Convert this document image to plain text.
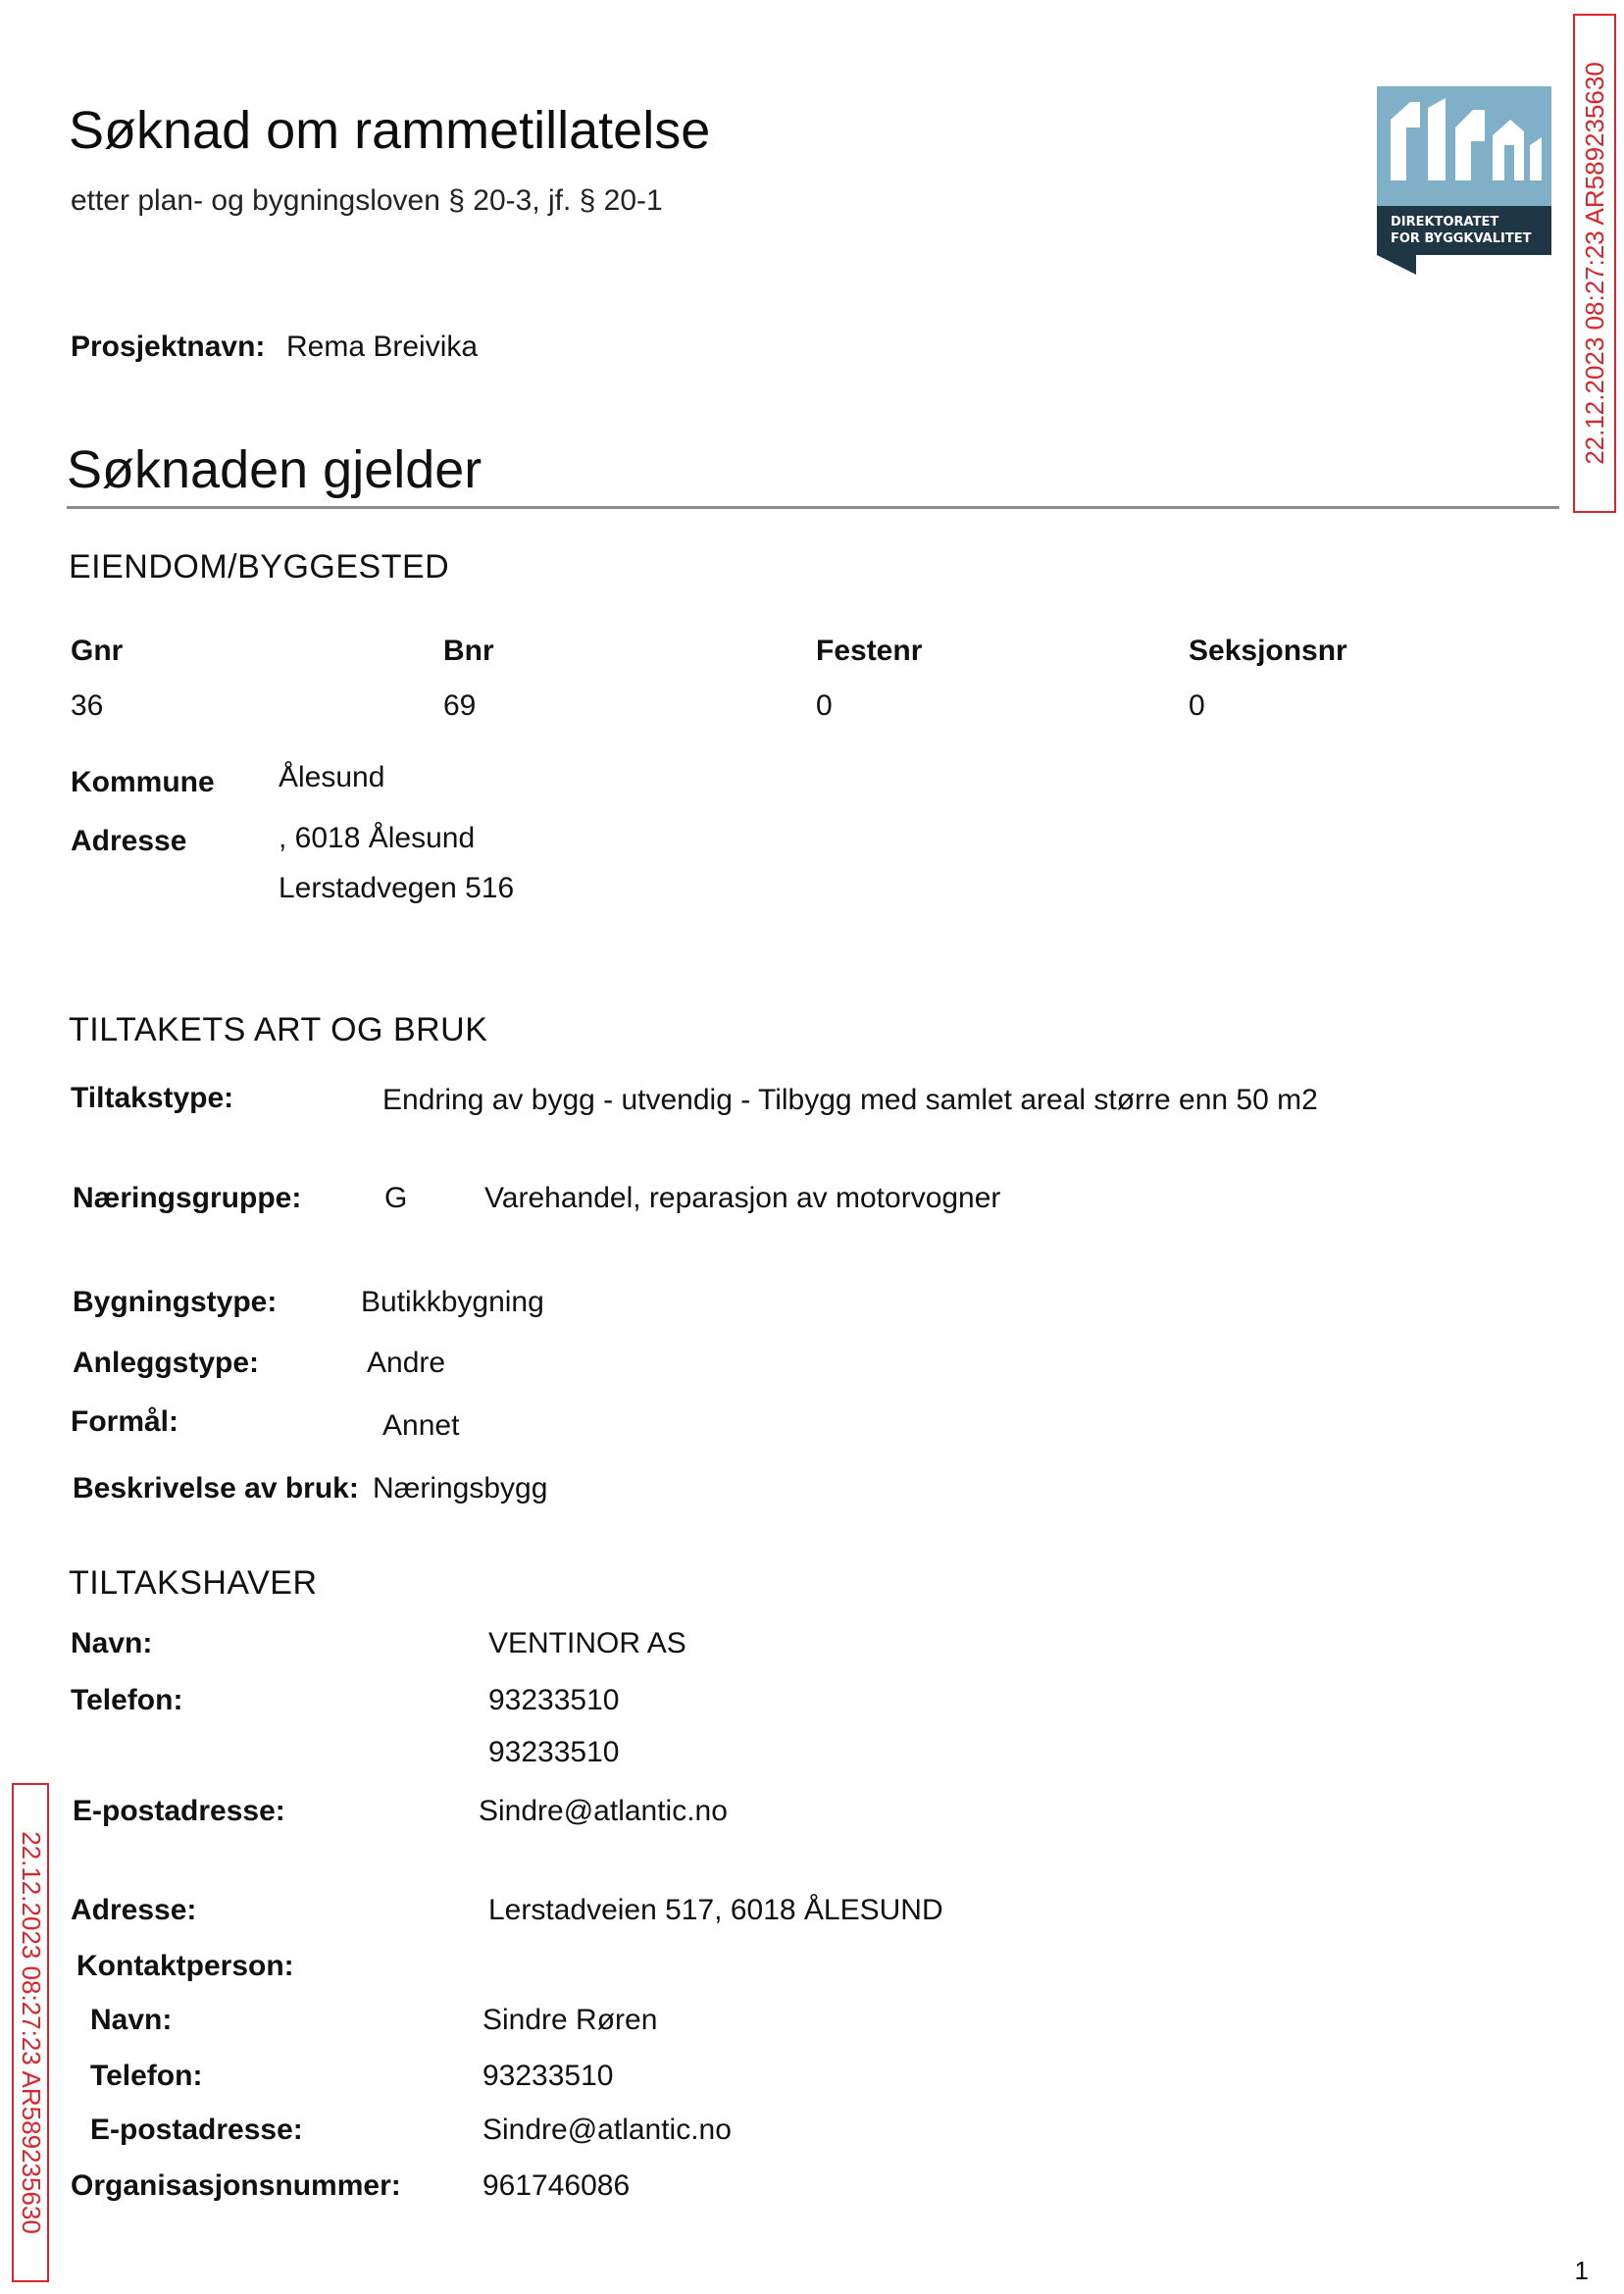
Søknad om rammetillatelse
etter plan- og bygningsloven § 20-3, jf. § 20-1
DIREKTORATET
FOR BYGGKVALITET 22.12.2023 08:27:23 AR589235630
22.12.2023 08:27:23 AR589235630
Prosjektnavn: Rema Breivika
Søknaden gjelder
EIENDOM/BYGGESTED
Gnr	Bnr	Festenr	Seksjonsnr
36	69	0	0
Kommune Ålesund
Adresse	, 6018 Ålesund
Lerstadvegen 516
TILTAKETS ART OG BRUK
Tiltakstype:	Endring av bygg - utvendig - Tilbygg med samlet areal større enn 50 m2
Næringsgruppe:	G	Varehandel, reparasjon av motorvogner
Bygningstype:	Butikkbygning
Anleggstype:	Andre
Formål:	Annet
Beskrivelse av bruk: Næringsbygg
TILTAKSHAVER
Navn:	VENTINOR AS
Telefon:	93233510
93233510
E-postadresse:	Sindre@atlantic.no
Adresse:	Lerstadveien 517, 6018 ÅLESUND
Kontaktperson:
Navn:	Sindre Røren
Telefon:	93233510
E-postadresse:	Sindre@atlantic.no
Organisasjonsnummer:	961746086
1
